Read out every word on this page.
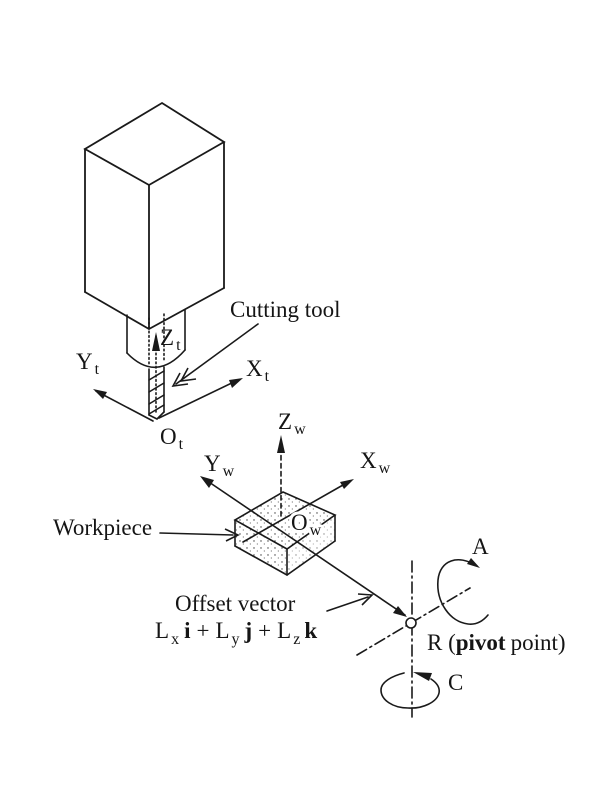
Z $_t$
Y $_t$	X $_t$
O $_t$
Cutting tool
Z $_w$
Y $_w$	X $_w$
O $_w$
Workpiece
Offset vector
L $_x$ i + L $_y$ j + L $_z$ k	R (pivot point)
A
C
